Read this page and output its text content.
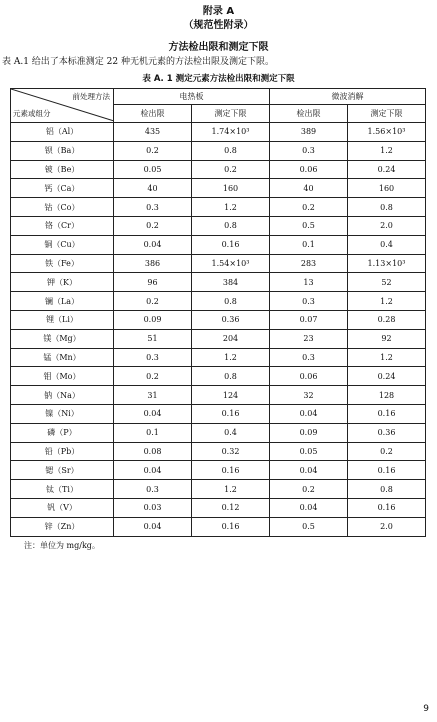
附录 A
（规范性附录）
方法检出限和测定下限
表 A.1 给出了本标准测定 22 种无机元素的方法检出限及测定下限。
表 A. 1 测定元素方法检出限和测定下限
前处理方法
元素或组分	电热板		微波消解	
	检出限	测定下限	检出限	测定下限
铝（Al）	435	1.74×10³	389	1.56×10³
钡（Ba）	0.2	0.8	0.3	1.2
铍（Be）	0.05	0.2	0.06	0.24
钙（Ca）	40	160	40	160
钴（Co）	0.3	1.2	0.2	0.8
铬（Cr）	0.2	0.8	0.5	2.0
铜（Cu）	0.04	0.16	0.1	0.4
铁（Fe）	386	1.54×10³	283	1.13×10³
钾（K）	96	384	13	52
镧（La）	0.2	0.8	0.3	1.2
锂（Li）	0.09	0.36	0.07	0.28
镁（Mg）	51	204	23	92
锰（Mn）	0.3	1.2	0.3	1.2
钼（Mo）	0.2	0.8	0.06	0.24
钠（Na）	31	124	32	128
镍（Ni）	0.04	0.16	0.04	0.16
磷（P）	0.1	0.4	0.09	0.36
铅（Pb）	0.08	0.32	0.05	0.2
锶（Sr）	0.04	0.16	0.04	0.16
钛（Ti）	0.3	1.2	0.2	0.8
钒（V）	0.03	0.12	0.04	0.16
锌（Zn）	0.04	0.16	0.5	2.0
注：单位为 mg/kg。
9
